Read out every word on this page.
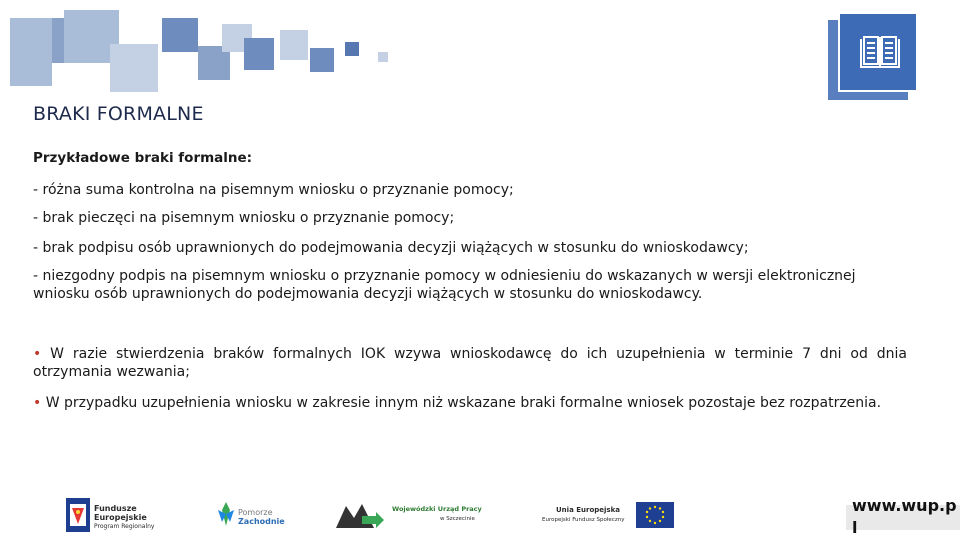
BRAKI FORMALNE
Przykładowe braki formalne:
- różna suma kontrolna na pisemnym wniosku o przyznanie pomocy;
- brak pieczęci na pisemnym wniosku o przyznanie pomocy;
- brak podpisu osób uprawnionych do podejmowania decyzji wiążących w stosunku do wnioskodawcy;
- niezgodny podpis na pisemnym wniosku o przyznanie pomocy w odniesieniu do wskazanych w wersji elektronicznej wniosku osób uprawnionych do podejmowania decyzji wiążących w stosunku do wnioskodawcy.
• W razie stwierdzenia braków formalnych IOK wzywa wnioskodawcę do ich uzupełnienia w terminie 7 dni od dnia otrzymania wezwania;
• W przypadku uzupełnienia wniosku w zakresie innym niż wskazane braki formalne wniosek pozostaje bez rozpatrzenia.
Fundusze
Europejskie
Program Regionalny
Pomorze
Zachodnie
Wojewódzki Urząd Pracy
w Szczecinie
Unia Europejska
Europejski Fundusz Społeczny
www.wup.pl
